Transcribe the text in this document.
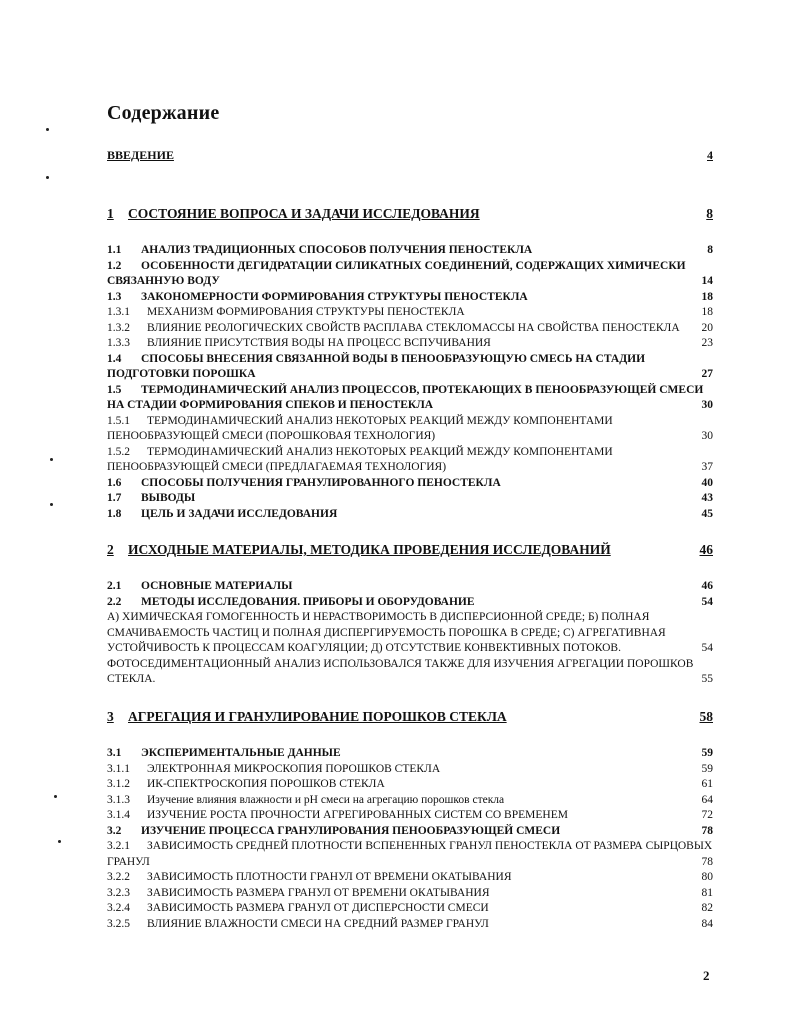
Содержание
ВВЕДЕНИЕ	4
1	СОСТОЯНИЕ ВОПРОСА И ЗАДАЧИ ИССЛЕДОВАНИЯ	8
1.1	АНАЛИЗ ТРАДИЦИОННЫХ СПОСОБОВ ПОЛУЧЕНИЯ ПЕНОСТЕКЛА	8
1.2	ОСОБЕННОСТИ ДЕГИДРАТАЦИИ СИЛИКАТНЫХ СОЕДИНЕНИЙ, СОДЕРЖАЩИХ ХИМИЧЕСКИ
СВЯЗАННУЮ ВОДУ	14
1.3	ЗАКОНОМЕРНОСТИ ФОРМИРОВАНИЯ СТРУКТУРЫ ПЕНОСТЕКЛА	18
1.3.1	МЕХАНИЗМ ФОРМИРОВАНИЯ СТРУКТУРЫ ПЕНОСТЕКЛА	18
1.3.2	ВЛИЯНИЕ РЕОЛОГИЧЕСКИХ СВОЙСТВ РАСПЛАВА СТЕКЛОМАССЫ НА СВОЙСТВА ПЕНОСТЕКЛА	20
1.3.3	ВЛИЯНИЕ ПРИСУТСТВИЯ ВОДЫ НА ПРОЦЕСС ВСПУЧИВАНИЯ	23
1.4	СПОСОБЫ ВНЕСЕНИЯ СВЯЗАННОЙ ВОДЫ В ПЕНООБРАЗУЮЩУЮ СМЕСЬ НА СТАДИИ
ПОДГОТОВКИ ПОРОШКА	27
1.5	ТЕРМОДИНАМИЧЕСКИЙ АНАЛИЗ ПРОЦЕССОВ, ПРОТЕКАЮЩИХ В ПЕНООБРАЗУЮЩЕЙ СМЕСИ
НА СТАДИИ ФОРМИРОВАНИЯ СПЕКОВ И ПЕНОСТЕКЛА	30
1.5.1	ТЕРМОДИНАМИЧЕСКИЙ АНАЛИЗ НЕКОТОРЫХ РЕАКЦИЙ МЕЖДУ КОМПОНЕНТАМИ
ПЕНООБРАЗУЮЩЕЙ СМЕСИ (ПОРОШКОВАЯ ТЕХНОЛОГИЯ)	30
1.5.2	ТЕРМОДИНАМИЧЕСКИЙ АНАЛИЗ НЕКОТОРЫХ РЕАКЦИЙ МЕЖДУ КОМПОНЕНТАМИ
ПЕНООБРАЗУЮЩЕЙ СМЕСИ (ПРЕДЛАГАЕМАЯ ТЕХНОЛОГИЯ)	37
1.6	СПОСОБЫ ПОЛУЧЕНИЯ ГРАНУЛИРОВАННОГО ПЕНОСТЕКЛА	40
1.7	ВЫВОДЫ	43
1.8	ЦЕЛЬ И ЗАДАЧИ ИССЛЕДОВАНИЯ	45
2	ИСХОДНЫЕ МАТЕРИАЛЫ, МЕТОДИКА ПРОВЕДЕНИЯ ИССЛЕДОВАНИЙ	46
2.1	ОСНОВНЫЕ МАТЕРИАЛЫ	46
2.2	МЕТОДЫ ИССЛЕДОВАНИЯ. ПРИБОРЫ И ОБОРУДОВАНИЕ	54
А) ХИМИЧЕСКАЯ ГОМОГЕННОСТЬ И НЕРАСТВОРИМОСТЬ В ДИСПЕРСИОННОЙ СРЕДЕ; Б) ПОЛНАЯ
СМАЧИВАЕМОСТЬ ЧАСТИЦ И ПОЛНАЯ ДИСПЕРГИРУЕМОСТЬ ПОРОШКА В СРЕДЕ; С) АГРЕГАТИВНАЯ
УСТОЙЧИВОСТЬ К ПРОЦЕССАМ КОАГУЛЯЦИИ; Д) ОТСУТСТВИЕ КОНВЕКТИВНЫХ ПОТОКОВ.	54
ФОТОСЕДИМЕНТАЦИОННЫЙ АНАЛИЗ ИСПОЛЬЗОВАЛСЯ ТАКЖЕ ДЛЯ ИЗУЧЕНИЯ АГРЕГАЦИИ ПОРОШКОВ
СТЕКЛА.	55
3	АГРЕГАЦИЯ И ГРАНУЛИРОВАНИЕ ПОРОШКОВ СТЕКЛА	58
3.1	ЭКСПЕРИМЕНТАЛЬНЫЕ ДАННЫЕ	59
3.1.1	ЭЛЕКТРОННАЯ МИКРОСКОПИЯ ПОРОШКОВ СТЕКЛА	59
3.1.2	ИК-СПЕКТРОСКОПИЯ ПОРОШКОВ СТЕКЛА	61
3.1.3	Изучение влияния влажности и pH смеси на агрегацию порошков стекла	64
3.1.4	ИЗУЧЕНИЕ РОСТА ПРОЧНОСТИ АГРЕГИРОВАННЫХ СИСТЕМ СО ВРЕМЕНЕМ	72
3.2	ИЗУЧЕНИЕ ПРОЦЕССА ГРАНУЛИРОВАНИЯ ПЕНООБРАЗУЮЩЕЙ СМЕСИ	78
3.2.1	ЗАВИСИМОСТЬ СРЕДНЕЙ ПЛОТНОСТИ ВСПЕНЕННЫХ ГРАНУЛ ПЕНОСТЕКЛА ОТ РАЗМЕРА СЫРЦОВЫХ
ГРАНУЛ	78
3.2.2	ЗАВИСИМОСТЬ ПЛОТНОСТИ ГРАНУЛ ОТ ВРЕМЕНИ ОКАТЫВАНИЯ	80
3.2.3	ЗАВИСИМОСТЬ РАЗМЕРА ГРАНУЛ ОТ ВРЕМЕНИ ОКАТЫВАНИЯ	81
3.2.4	ЗАВИСИМОСТЬ РАЗМЕРА ГРАНУЛ ОТ ДИСПЕРСНОСТИ СМЕСИ	82
3.2.5	ВЛИЯНИЕ ВЛАЖНОСТИ СМЕСИ НА СРЕДНИЙ РАЗМЕР ГРАНУЛ	84
2
